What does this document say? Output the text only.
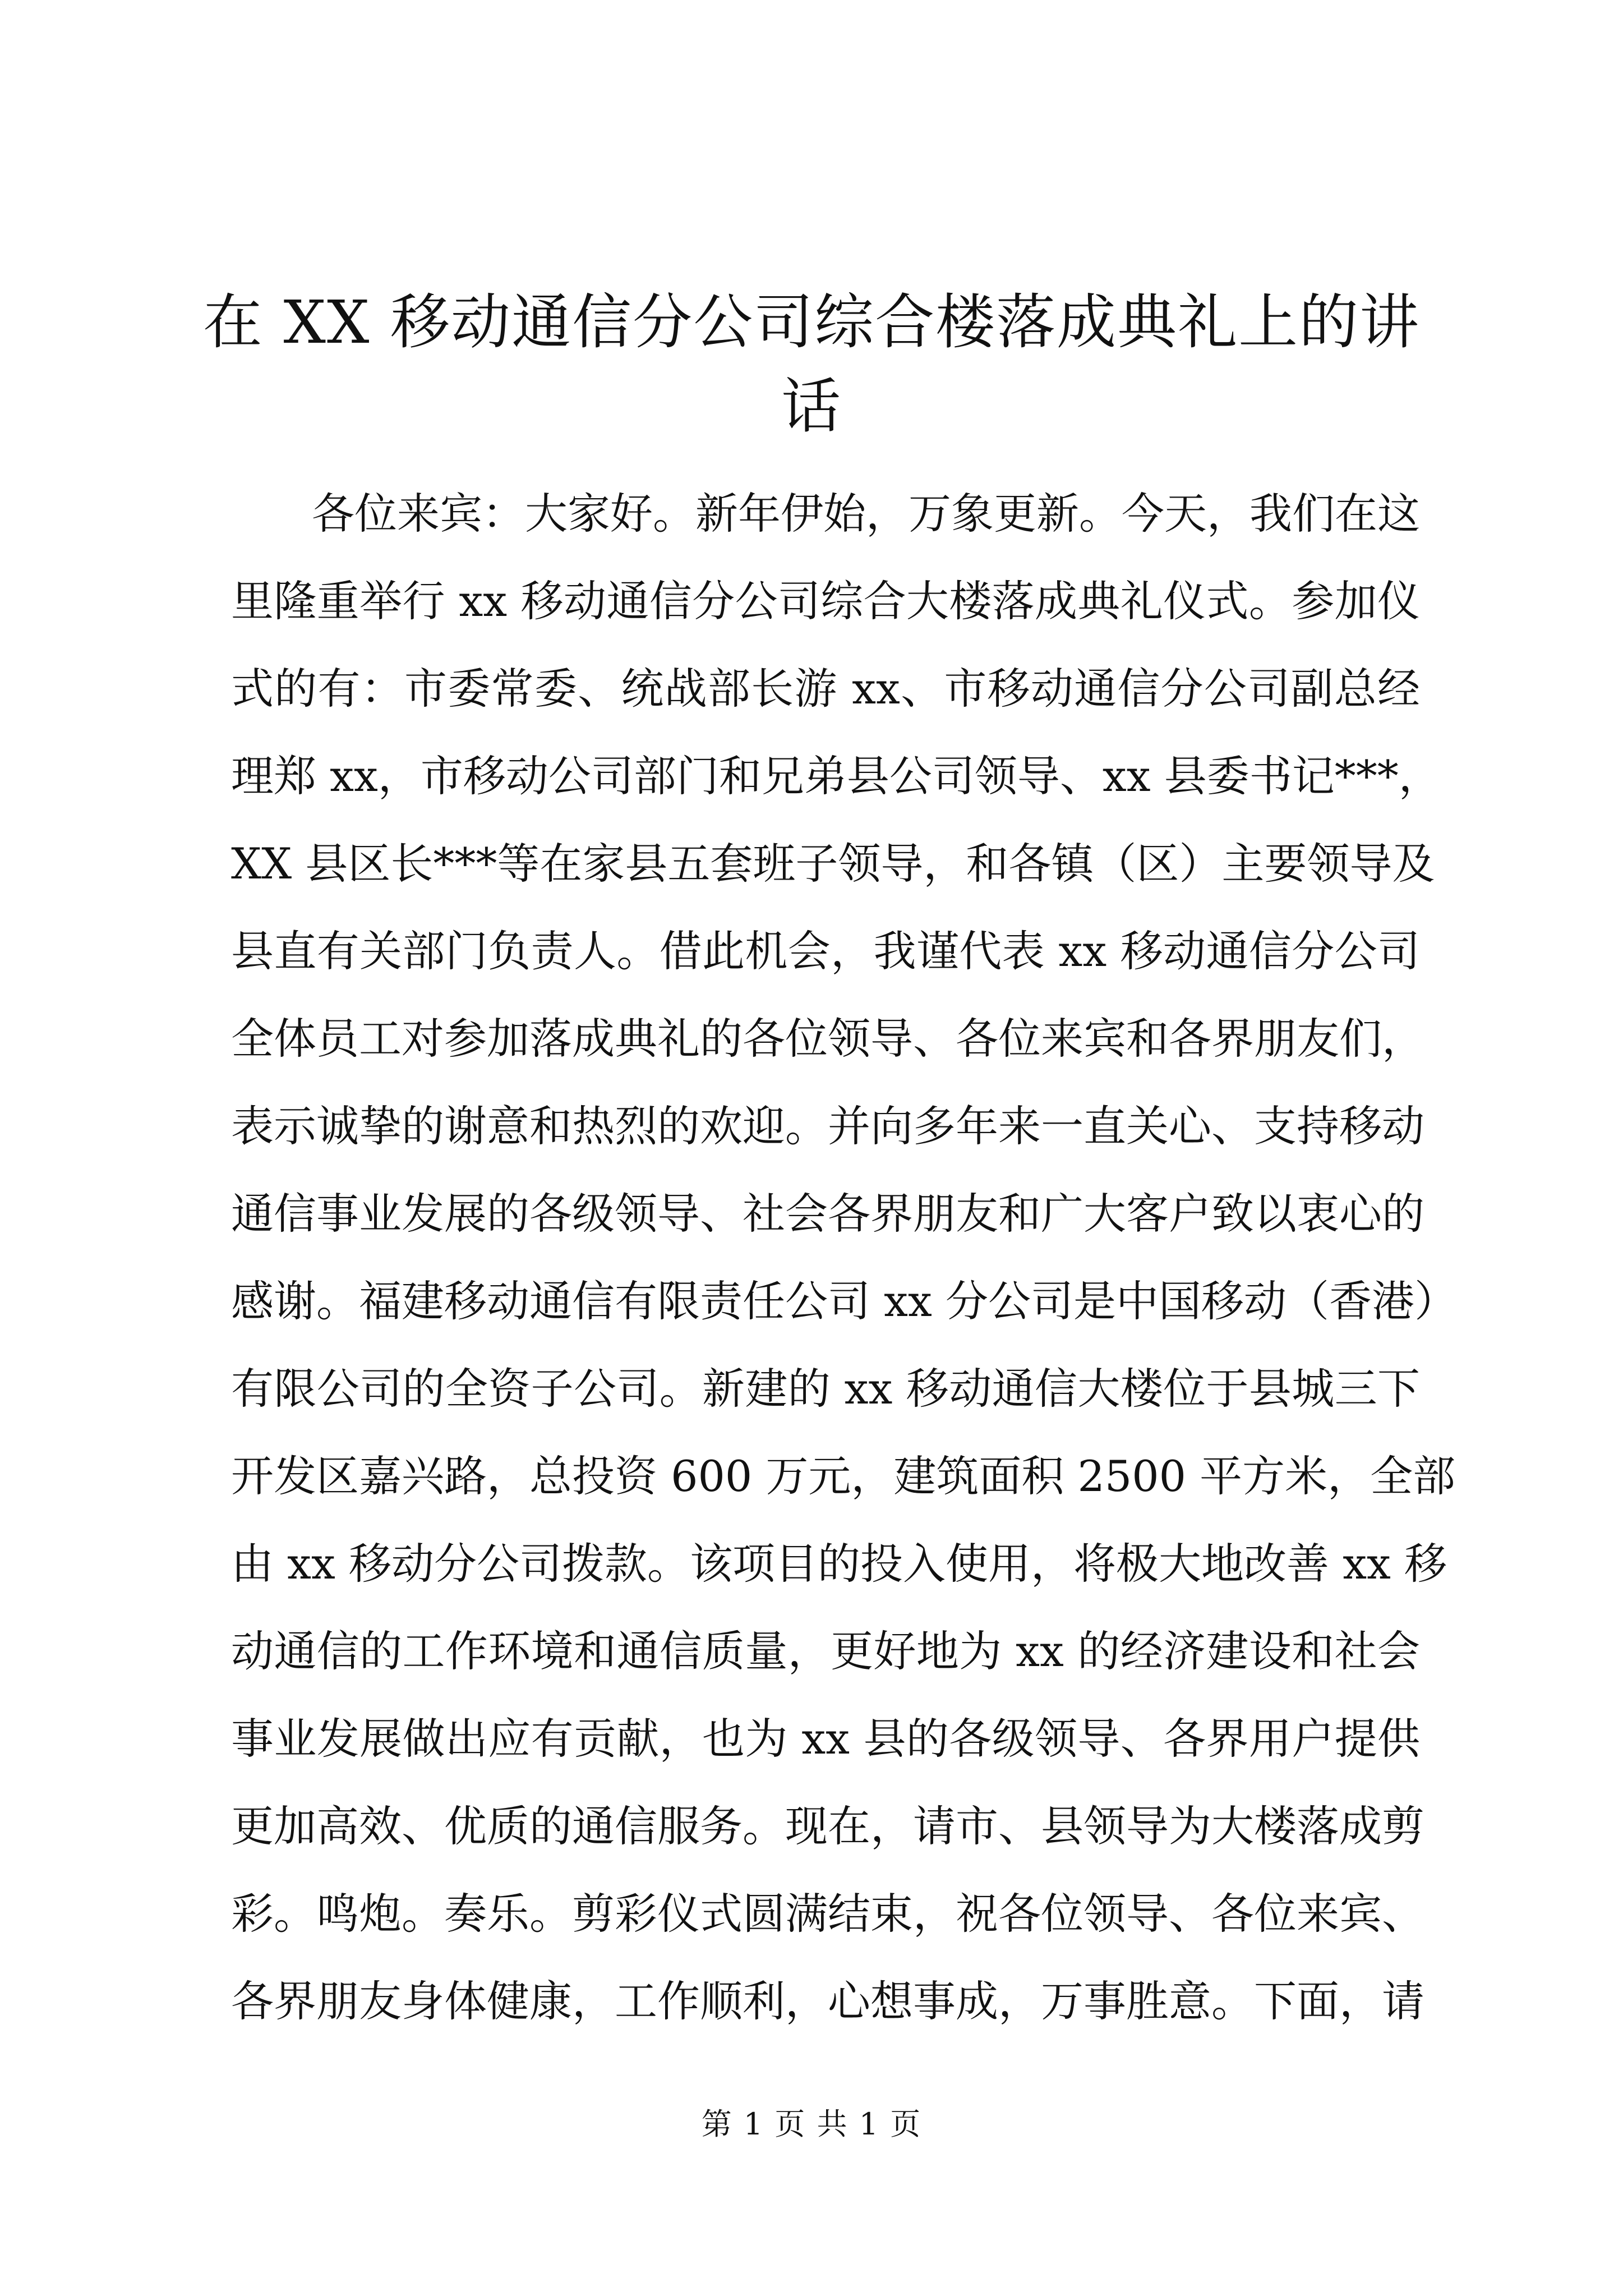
在 XX 移动通信分公司综合楼落成典礼上的讲
话
各位来宾：大家好。新年伊始，万象更新。今天，我们在这
里隆重举行 xx 移动通信分公司综合大楼落成典礼仪式。参加仪
式的有：市委常委、统战部长游 xx、市移动通信分公司副总经
理郑 xx，市移动公司部门和兄弟县公司领导、xx 县委书记***，
XX 县区长***等在家县五套班子领导，和各镇（区）主要领导及
县直有关部门负责人。借此机会，我谨代表 xx 移动通信分公司
全体员工对参加落成典礼的各位领导、各位来宾和各界朋友们，
表示诚挚的谢意和热烈的欢迎。并向多年来一直关心、支持移动
通信事业发展的各级领导、社会各界朋友和广大客户致以衷心的
感谢。福建移动通信有限责任公司 xx 分公司是中国移动（香港）
有限公司的全资子公司。新建的 xx 移动通信大楼位于县城三下
开发区嘉兴路，总投资 600 万元，建筑面积 2500 平方米，全部
由 xx 移动分公司拨款。该项目的投入使用，将极大地改善 xx 移
动通信的工作环境和通信质量，更好地为 xx 的经济建设和社会
事业发展做出应有贡献，也为 xx 县的各级领导、各界用户提供
更加高效、优质的通信服务。现在，请市、县领导为大楼落成剪
彩。鸣炮。奏乐。剪彩仪式圆满结束，祝各位领导、各位来宾、
各界朋友身体健康，工作顺利，心想事成，万事胜意。下面，请
第 1 页 共 1 页
